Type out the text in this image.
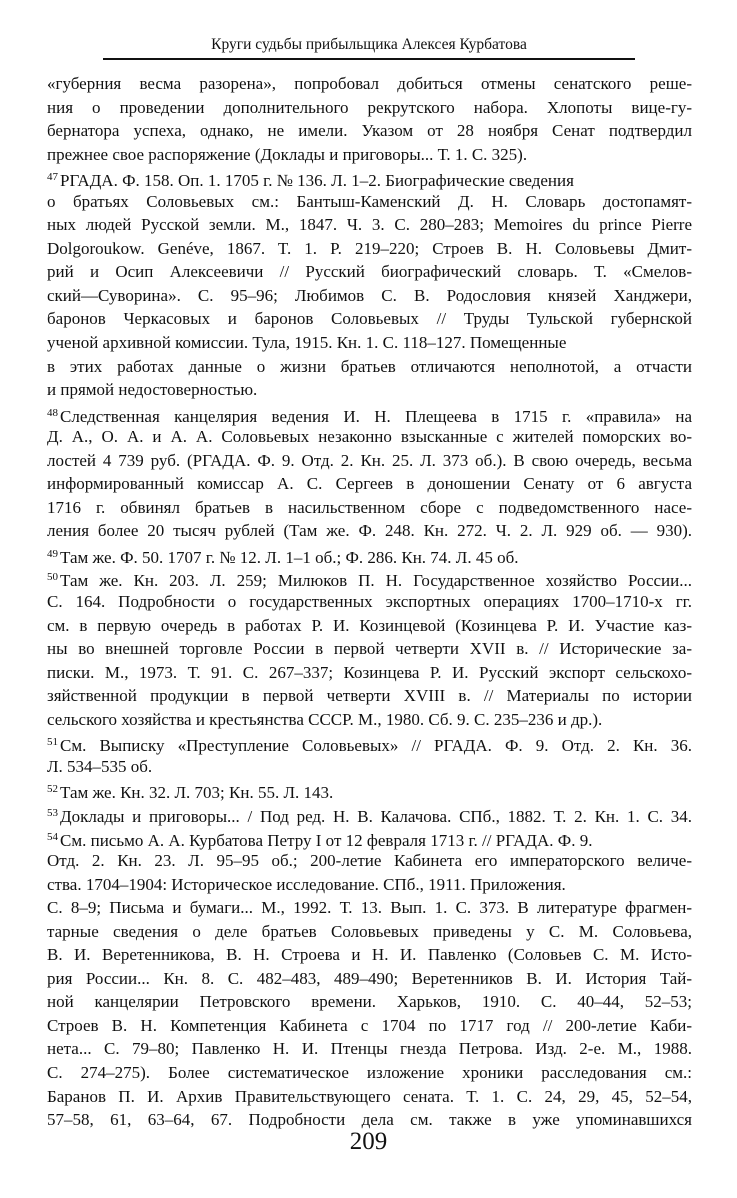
Круги судьбы прибыльщика Алексея Курбатова
«губерния весма разорена», попробовал добиться отмены сенатского реше-
ния о проведении дополнительного рекрутского набора. Хлопоты вице-гу-
бернатора успеха, однако, не имели. Указом от 28 ноября Сенат подтвердил
прежнее свое распоряжение (Доклады и приговоры... Т. 1. С. 325).
$^{47}$ РГАДА. Ф. 158. Оп. 1. 1705 г. № 136. Л. 1–2. Биографические сведения
о братьях Соловьевых см.: Бантыш-Каменский Д. Н. Словарь достопамят-
ных людей Русской земли. М., 1847. Ч. 3. С. 280–283; Memoires du prince Pierre
Dolgoroukow. Genéve, 1867. T. 1. P. 219–220; Строев В. Н. Соловьевы Дмит-
рий и Осип Алексеевичи // Русский биографический словарь. Т. «Смелов-
ский—Суворина». С. 95–96; Любимов С. В. Родословия князей Ханджери,
баронов Черкасовых и баронов Соловьевых // Труды Тульской губернской
ученой архивной комиссии. Тула, 1915. Кн. 1. С. 118–127. Помещенные
в этих работах данные о жизни братьев отличаются неполнотой, а отчасти
и прямой недостоверностью.
$^{48}$ Следственная канцелярия ведения И. Н. Плещеева в 1715 г. «правила» на
Д. А., О. А. и А. А. Соловьевых незаконно взысканные с жителей поморских во-
лостей 4 739 руб. (РГАДА. Ф. 9. Отд. 2. Кн. 25. Л. 373 об.). В свою очередь, весьма
информированный комиссар А. С. Сергеев в доношении Сенату от 6 августа
1716 г. обвинял братьев в насильственном сборе с подведомственного насе-
ления более 20 тысяч рублей (Там же. Ф. 248. Кн. 272. Ч. 2. Л. 929 об. — 930).
$^{49}$ Там же. Ф. 50. 1707 г. № 12. Л. 1–1 об.; Ф. 286. Кн. 74. Л. 45 об.
$^{50}$ Там же. Кн. 203. Л. 259; Милюков П. Н. Государственное хозяйство России...
С. 164. Подробности о государственных экспортных операциях 1700–1710-х гг.
см. в первую очередь в работах Р. И. Козинцевой (Козинцева Р. И. Участие каз-
ны во внешней торговле России в первой четверти XVII в. // Исторические за-
писки. М., 1973. Т. 91. С. 267–337; Козинцева Р. И. Русский экспорт сельскохо-
зяйственной продукции в первой четверти XVIII в. // Материалы по истории
сельского хозяйства и крестьянства СССР. М., 1980. Сб. 9. С. 235–236 и др.).
$^{51}$ См. Выписку «Преступление Соловьевых» // РГАДА. Ф. 9. Отд. 2. Кн. 36.
Л. 534–535 об.
$^{52}$ Там же. Кн. 32. Л. 703; Кн. 55. Л. 143.
$^{53}$ Доклады и приговоры... / Под ред. Н. В. Калачова. СПб., 1882. Т. 2. Кн. 1. С. 34.
$^{54}$ См. письмо А. А. Курбатова Петру I от 12 февраля 1713 г. // РГАДА. Ф. 9.
Отд. 2. Кн. 23. Л. 95–95 об.; 200-летие Кабинета его императорского величе-
ства. 1704–1904: Историческое исследование. СПб., 1911. Приложения.
С. 8–9; Письма и бумаги... М., 1992. Т. 13. Вып. 1. С. 373. В литературе фрагмен-
тарные сведения о деле братьев Соловьевых приведены у С. М. Соловьева,
В. И. Веретенникова, В. Н. Строева и Н. И. Павленко (Соловьев С. М. Исто-
рия России... Кн. 8. С. 482–483, 489–490; Веретенников В. И. История Тай-
ной канцелярии Петровского времени. Харьков, 1910. С. 40–44, 52–53;
Строев В. Н. Компетенция Кабинета с 1704 по 1717 год // 200-летие Каби-
нета... С. 79–80; Павленко Н. И. Птенцы гнезда Петрова. Изд. 2-е. М., 1988.
С. 274–275). Более систематическое изложение хроники расследования см.:
Баранов П. И. Архив Правительствующего сената. Т. 1. С. 24, 29, 45, 52–54,
57–58, 61, 63–64, 67. Подробности дела см. также в уже упоминавшихся
209
